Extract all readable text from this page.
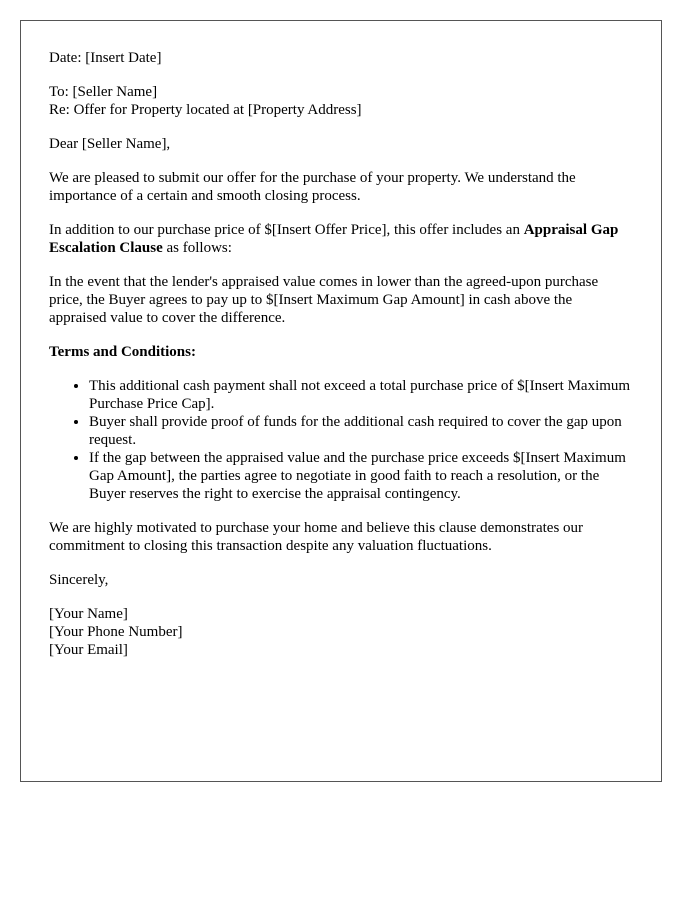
Date: [Insert Date]

To: [Seller Name]
Re: Offer for Property located at [Property Address]

Dear [Seller Name],

We are pleased to submit our offer for the purchase of your property. We understand the importance of a certain and smooth closing process.

In addition to our purchase price of $[Insert Offer Price], this offer includes an Appraisal Gap Escalation Clause as follows:

In the event that the lender's appraised value comes in lower than the agreed-upon purchase price, the Buyer agrees to pay up to $[Insert Maximum Gap Amount] in cash above the appraised value to cover the difference.

Terms and Conditions:

• This additional cash payment shall not exceed a total purchase price of $[Insert Maximum Purchase Price Cap].
• Buyer shall provide proof of funds for the additional cash required to cover the gap upon request.
• If the gap between the appraised value and the purchase price exceeds $[Insert Maximum Gap Amount], the parties agree to negotiate in good faith to reach a resolution, or the Buyer reserves the right to exercise the appraisal contingency.

We are highly motivated to purchase your home and believe this clause demonstrates our commitment to closing this transaction despite any valuation fluctuations.

Sincerely,

[Your Name]
[Your Phone Number]
[Your Email]
